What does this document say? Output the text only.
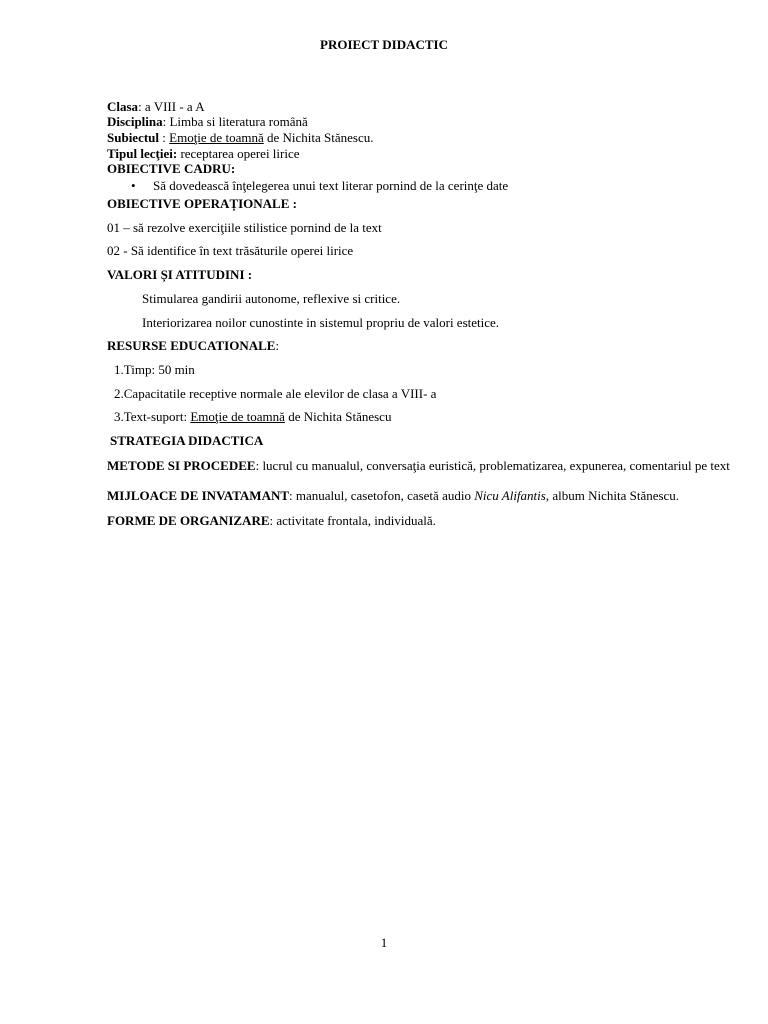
PROIECT DIDACTIC
Clasa: a VIII - a A
Disciplina: Limba si literatura română
Subiectul : Emoţie de toamnă de Nichita Stănescu.
Tipul lecţiei: receptarea operei lirice
OBIECTIVE CADRU:
• Să dovedească înţelegerea unui text literar pornind de la cerinţe date
OBIECTIVE OPERAȚIONALE :
01 – să rezolve exerciţiile stilistice pornind de la text
02 - Să identifice în text trăsăturile operei lirice
VALORI ȘI ATITUDINI :
Stimularea gandirii autonome, reflexive si critice.
Interiorizarea noilor cunostinte in sistemul propriu de valori estetice.
RESURSE EDUCATIONALE:
1.Timp: 50 min
2.Capacitatile receptive normale ale elevilor de clasa a VIII- a
3.Text-suport: Emoţie de toamnă de Nichita Stănescu
STRATEGIA DIDACTICA
METODE SI PROCEDEE: lucrul cu manualul, conversaţia euristică, problematizarea, expunerea, comentariul pe text
MIJLOACE DE INVATAMANT: manualul, casetofon, casetă audio Nicu Alifantis, album Nichita Stănescu.
FORME DE ORGANIZARE: activitate frontala, individuală.
1
